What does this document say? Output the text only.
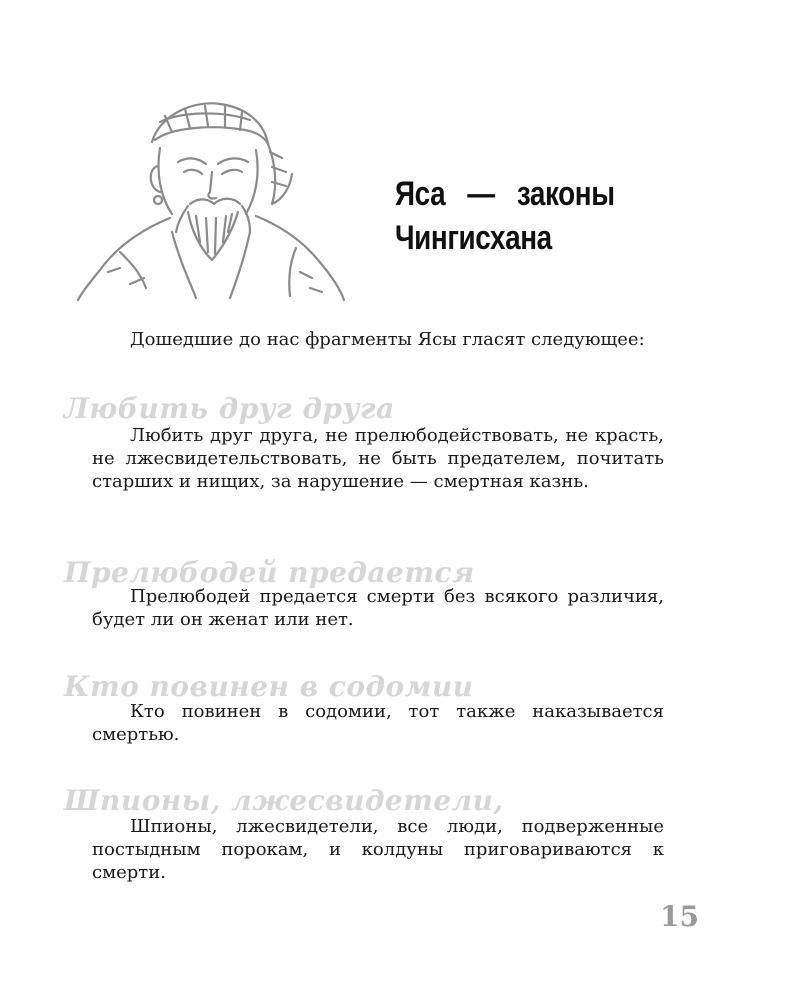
Яса — законы
Чингисхана

Дошедшие до нас фрагменты Ясы гласят следующее:

Любить друг друга

Любить друг друга, не прелюбодействовать, не красть, не лжесвидетельствовать, не быть предателем, почитать старших и нищих, за нарушение — смертная казнь.

Прелюбодей предается

Прелюбодей предается смерти без всякого различия, будет ли он женат или нет.

Кто повинен в содомии

Кто повинен в содомии, тот также наказывается смертью.

Шпионы, лжесвидетели,

Шпионы, лжесвидетели, все люди, подверженные постыдным порокам, и колдуны приговариваются к смерти.

15
